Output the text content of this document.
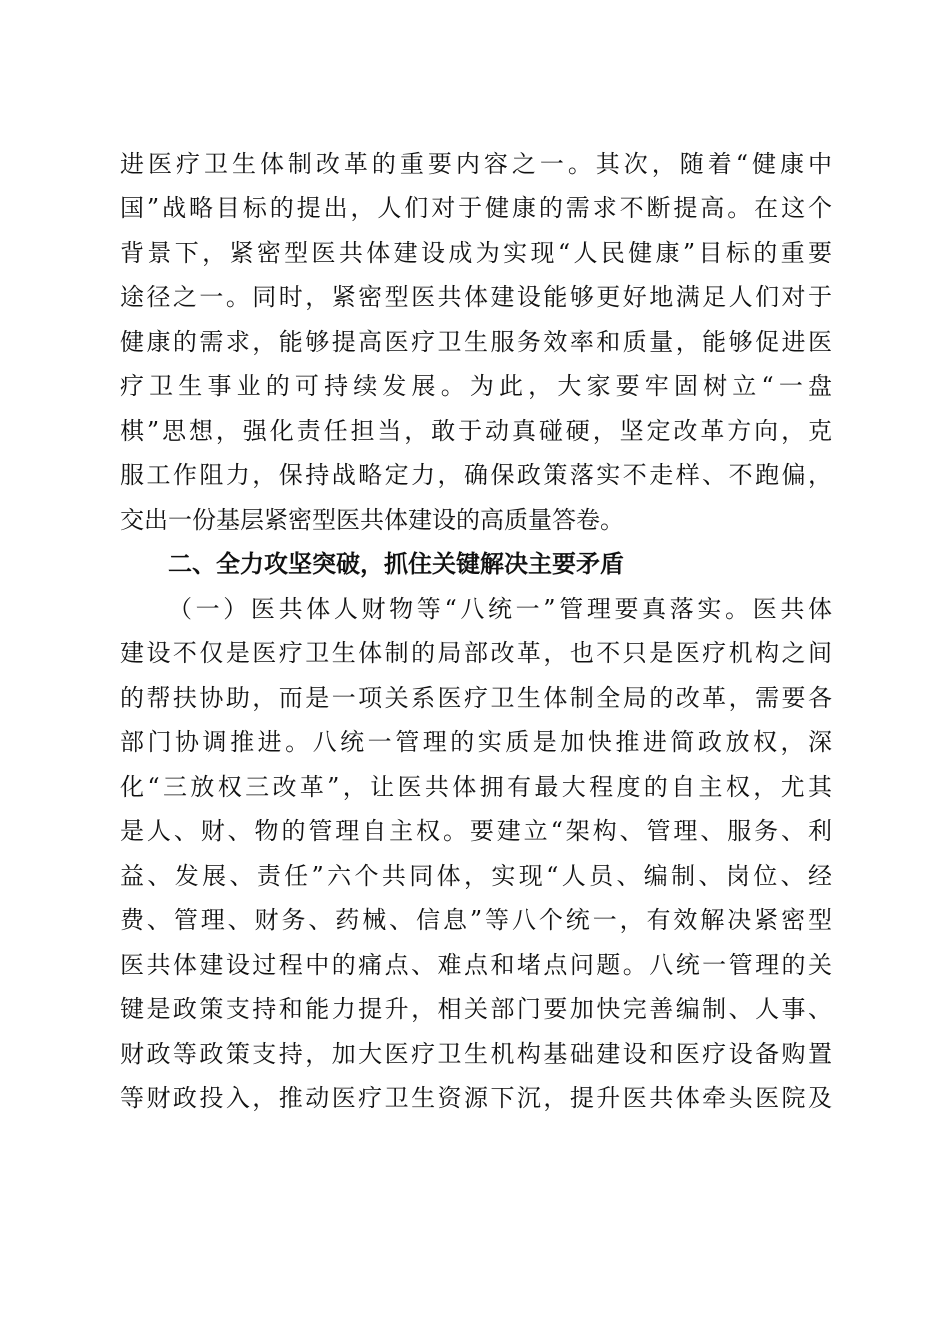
进医疗卫生体制改革的重要内容之一。其次，随着“健康中
国”战略目标的提出，人们对于健康的需求不断提高。在这个
背景下，紧密型医共体建设成为实现“人民健康”目标的重要
途径之一。同时，紧密型医共体建设能够更好地满足人们对于
健康的需求，能够提高医疗卫生服务效率和质量，能够促进医
疗卫生事业的可持续发展。为此，大家要牢固树立“一盘
棋”思想，强化责任担当，敢于动真碰硬，坚定改革方向，克
服工作阻力，保持战略定力，确保政策落实不走样、不跑偏，
交出一份基层紧密型医共体建设的高质量答卷。
二、全力攻坚突破，抓住关键解决主要矛盾
（一）医共体人财物等“八统一”管理要真落实。医共体
建设不仅是医疗卫生体制的局部改革，也不只是医疗机构之间
的帮扶协助，而是一项关系医疗卫生体制全局的改革，需要各
部门协调推进。八统一管理的实质是加快推进简政放权，深
化“三放权三改革”，让医共体拥有最大程度的自主权，尤其
是人、财、物的管理自主权。要建立“架构、管理、服务、利
益、发展、责任”六个共同体，实现“人员、编制、岗位、经
费、管理、财务、药械、信息”等八个统一，有效解决紧密型
医共体建设过程中的痛点、难点和堵点问题。八统一管理的关
键是政策支持和能力提升，相关部门要加快完善编制、人事、
财政等政策支持，加大医疗卫生机构基础建设和医疗设备购置
等财政投入，推动医疗卫生资源下沉，提升医共体牵头医院及
